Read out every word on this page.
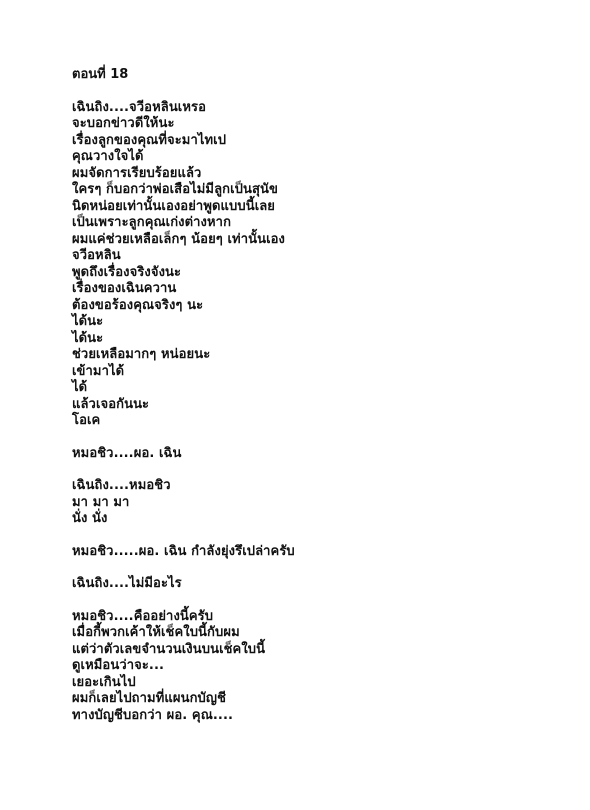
ตอนที่ 18
เฉินถิง....จวีอหลินเหรอ
จะบอกข่าวดีให้นะ
เรื่องลูกของคุณที่จะมาไทเป
คุณวางใจได้
ผมจัดการเรียบร้อยแล้ว
ใครๆ ก็บอกว่าพ่อเสือไม่มีลูกเป็นสุนัข
นิดหน่อยเท่านั้นเองอย่าพูดแบบนี้เลย
เป็นเพราะลูกคุณเก่งต่างหาก
ผมแค่ช่วยเหลือเล็กๆ น้อยๆ เท่านั้นเอง
จวีอหลิน
พูดถึงเรื่องจริงจังนะ
เรื่องของเฉินควาน
ต้องขอร้องคุณจริงๆ นะ
ได้นะ
ได้นะ
ช่วยเหลือมากๆ หน่อยนะ
เข้ามาได้
ได้
แล้วเจอกันนะ
โอเค
หมอชิว....ผอ. เฉิน
เฉินถิง....หมอชิว
มา มา มา
นั่ง นั่ง
หมอชิว.....ผอ. เฉิน กำลังยุ่งรึเปล่าครับ
เฉินถิง....ไม่มีอะไร
หมอชิว....คืออย่างนี้ครับ
เมื่อกี้พวกเค้าให้เช็คใบนี้กับผม
แต่ว่าตัวเลขจำนวนเงินบนเช็คใบนี้
ดูเหมือนว่าจะ...
เยอะเกินไป
ผมก็เลยไปถามที่แผนกบัญชี
ทางบัญชีบอกว่า ผอ. คุณ....
